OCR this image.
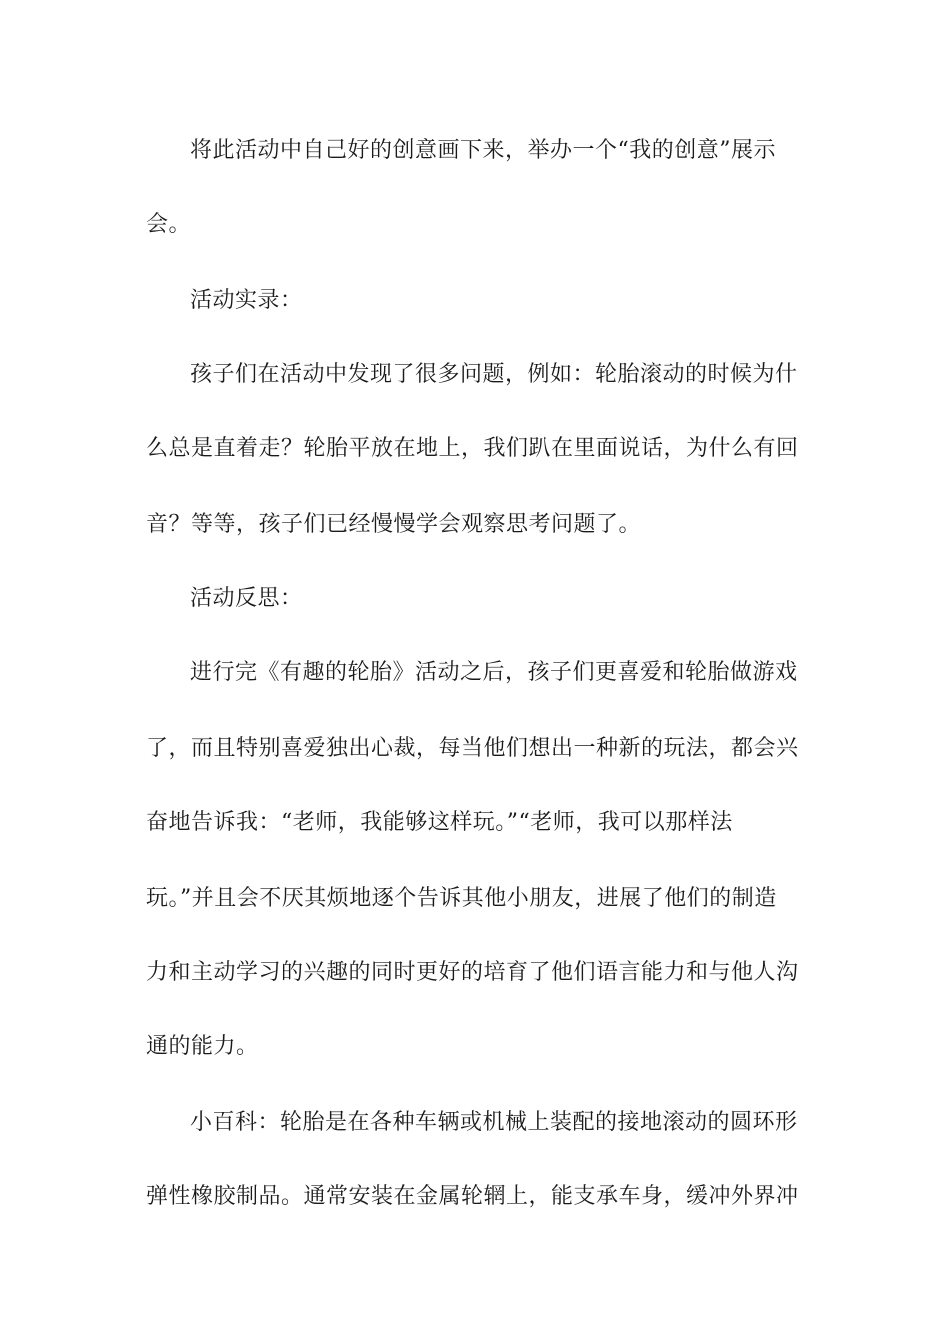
将此活动中自己好的创意画下来，举办一个“我的创意”展示
会。
活动实录：
孩子们在活动中发现了很多问题，例如：轮胎滚动的时候为什
么总是直着走？轮胎平放在地上，我们趴在里面说话，为什么有回
音？等等，孩子们已经慢慢学会观察思考问题了。
活动反思：
进行完《有趣的轮胎》活动之后，孩子们更喜爱和轮胎做游戏
了，而且特别喜爱独出心裁，每当他们想出一种新的玩法，都会兴
奋地告诉我：“老师，我能够这样玩。”“老师，我可以那样法
玩。”并且会不厌其烦地逐个告诉其他小朋友，进展了他们的制造
力和主动学习的兴趣的同时更好的培育了他们语言能力和与他人沟
通的能力。
小百科：轮胎是在各种车辆或机械上装配的接地滚动的圆环形
弹性橡胶制品。通常安装在金属轮辋上，能支承车身，缓冲外界冲
